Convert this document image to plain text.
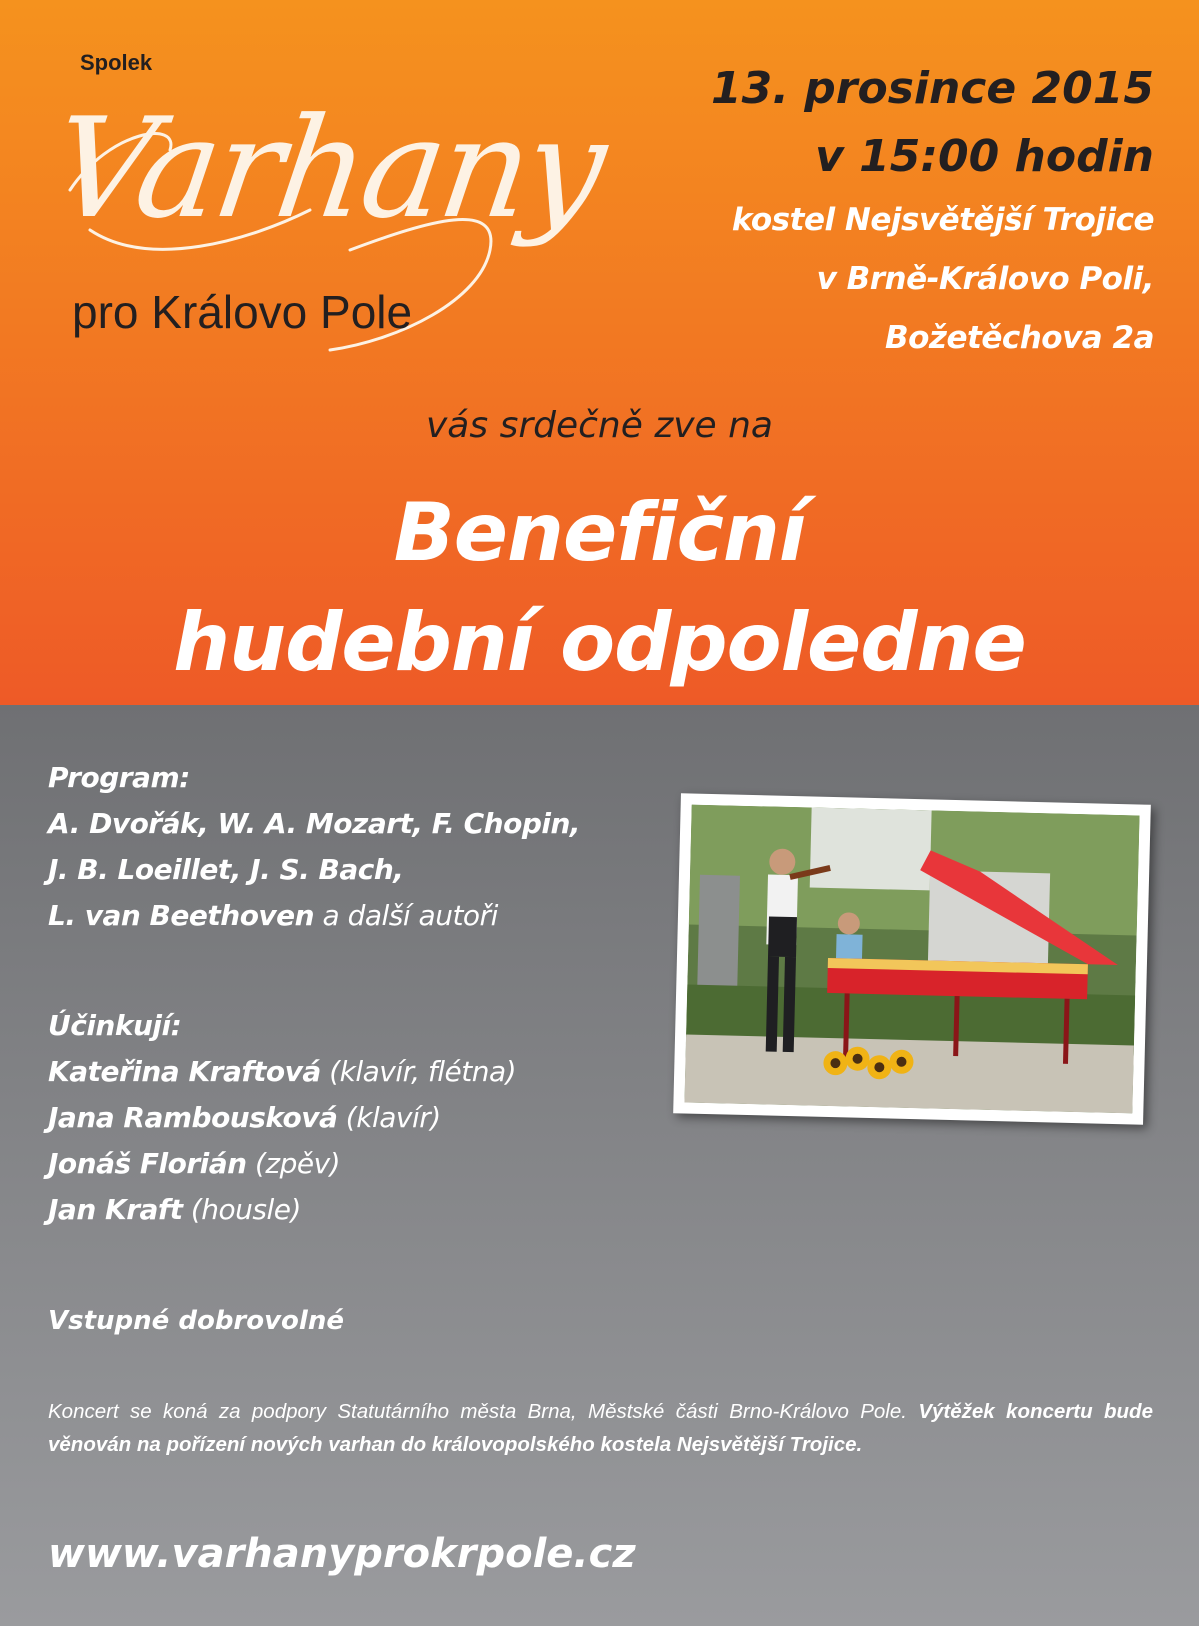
Spolek
Varhany
pro Královo Pole
13. prosince 2015
v 15:00 hodin
kostel Nejsvětější Trojice
v Brně-Královo Poli,
Božetěchova 2a
vás srdečně zve na
Benefiční
hudební odpoledne
Program:
A. Dvořák, W. A. Mozart, F. Chopin,
J. B. Loeillet, J. S. Bach,
L. van Beethoven a další autoři
Účinkují:
Kateřina Kraftová (klavír, flétna)
Jana Rambousková (klavír)
Jonáš Florián (zpěv)
Jan Kraft (housle)
Vstupné dobrovolné
Koncert se koná za podpory Statutárního města Brna, Městské části Brno-Královo Pole. Výtěžek koncertu bude věnován na pořízení nových varhan do královopolského kostela Nejsvětější Trojice.
www.varhanyprokrpole.cz
